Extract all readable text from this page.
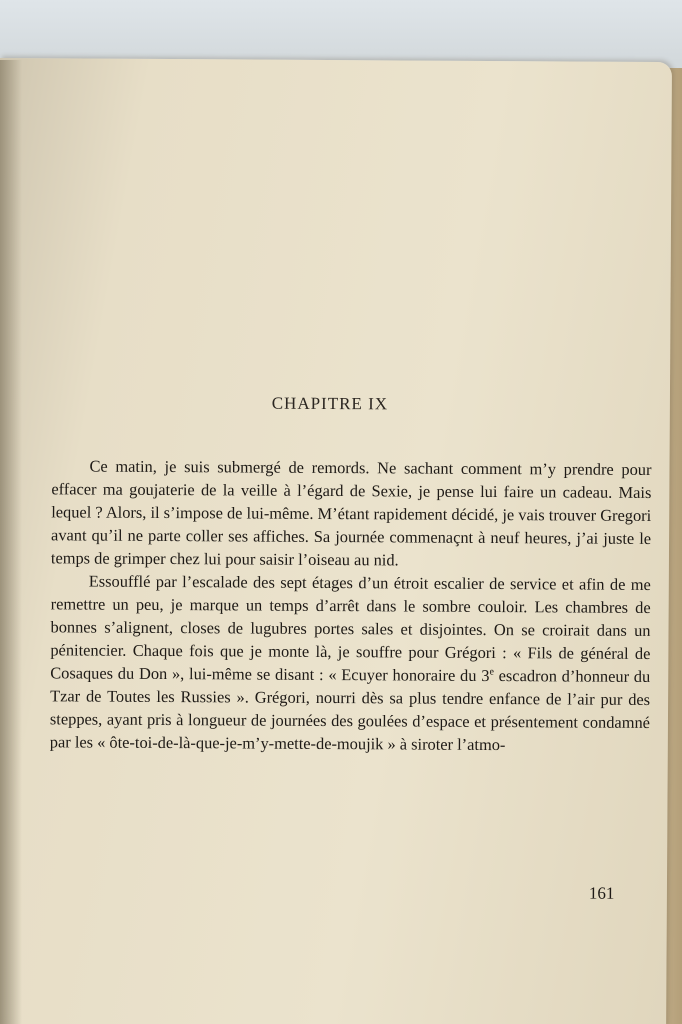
CHAPITRE IX

Ce matin, je suis submergé de remords. Ne sachant comment m’y prendre pour effacer ma goujaterie de la veille à l’égard de Sexie, je pense lui faire un cadeau. Mais lequel ? Alors, il s’impose de lui-même. M’étant rapidement décidé, je vais trouver Gregori avant qu’il ne parte coller ses affiches. Sa journée commenaçnt à neuf heures, j’ai juste le temps de grimper chez lui pour saisir l’oiseau au nid.

Essoufflé par l’escalade des sept étages d’un étroit escalier de service et afin de me remettre un peu, je marque un temps d’arrêt dans le sombre couloir. Les chambres de bonnes s’alignent, closes de lugubres portes sales et disjointes. On se croirait dans un pénitencier. Chaque fois que je monte là, je souffre pour Grégori : « Fils de général de Cosaques du Don », lui-même se disant : « Ecuyer honoraire du 3e escadron d’honneur du Tzar de Toutes les Russies ». Grégori, nourri dès sa plus tendre enfance de l’air pur des steppes, ayant pris à longueur de journées des goulées d’espace et présentement condamné par les « ôte-toi-de-là-que-je-m’y-mette-de-moujik » à siroter l’atmo-

161
